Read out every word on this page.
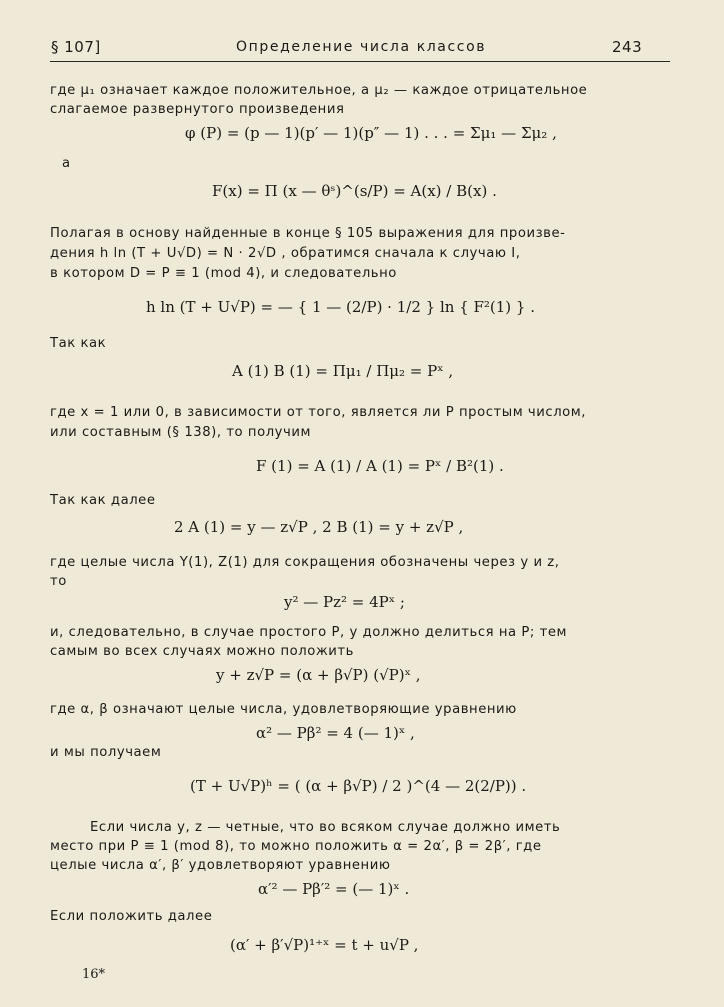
§ 107]	Определение числа классов	243
где μ₁ означает каждое положительное, а μ₂ — каждое отрицательное
слагаемое развернутого произведения
φ (P) = (p — 1)(p′ — 1)(p″ — 1) . . . = Σμ₁ — Σμ₂ ,
а
F(x) = Π (x — θˢ)^(s/P) = A(x) / B(x) .
Полагая в основу найденные в конце § 105 выражения для произве-
дения h ln (T + U√D) = N · 2√D , обратимся сначала к случаю I,
в котором D = P ≡ 1 (mod 4), и следовательно
h ln (T + U√P) = — { 1 — (2/P) · 1/2 } ln { F²(1) } .
Так как
A (1) B (1) = Πμ₁ / Πμ₂ = Pˣ ,
где x = 1 или 0, в зависимости от того, является ли P простым числом,
или составным (§ 138), то получим
F (1) = A (1) / A (1) = Pˣ / B²(1) .
Так как далее
2 A (1) = y — z√P , 2 B (1) = y + z√P ,
где целые числа Y(1), Z(1) для сокращения обозначены через y и z,
то
y² — Pz² = 4Pˣ ;
и, следовательно, в случае простого P, y должно делиться на P; тем
самым во всех случаях можно положить
y + z√P = (α + β√P) (√P)ˣ ,
где α, β означают целые числа, удовлетворяющие уравнению
α² — Pβ² = 4 (— 1)ˣ ,
и мы получаем
(T + U√P)ʰ = ( (α + β√P) / 2 )^(4 — 2(2/P)) .
Если числа y, z — четные, что во всяком случае должно иметь
место при P ≡ 1 (mod 8), то можно положить α = 2α′, β = 2β′, где
целые числа α′, β′ удовлетворяют уравнению
α′² — Pβ′² = (— 1)ˣ .
Если положить далее
(α′ + β′√P)¹⁺ˣ = t + u√P ,
16*
